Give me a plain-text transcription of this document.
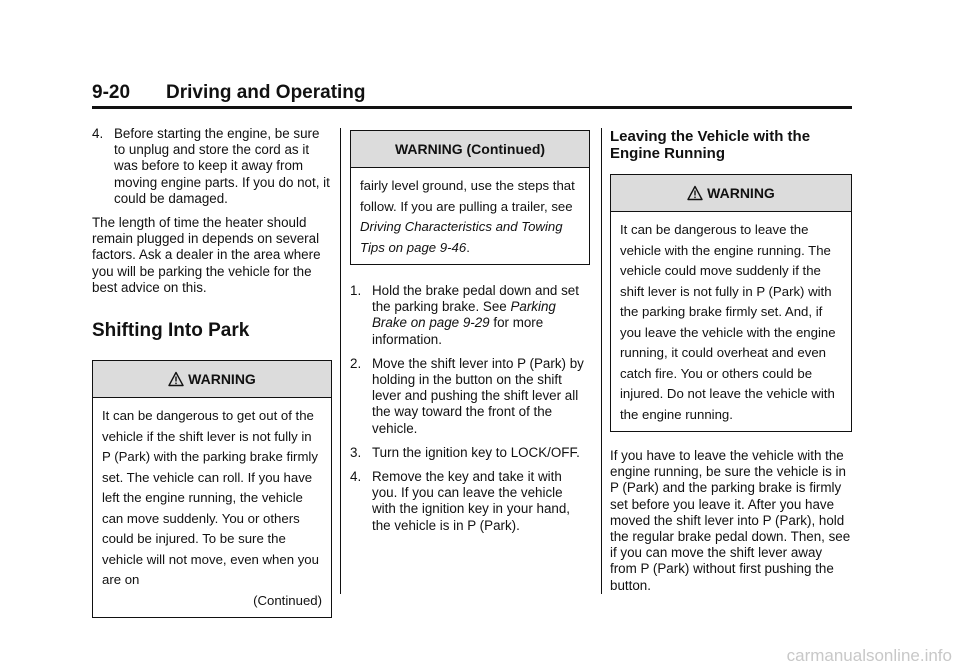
9-20 Driving and Operating
4. Before starting the engine, be sure to unplug and store the cord as it was before to keep it away from moving engine parts. If you do not, it could be damaged.

The length of time the heater should remain plugged in depends on several factors. Ask a dealer in the area where you will be parking the vehicle for the best advice on this.

Shifting Into Park
WARNING
It can be dangerous to get out of the vehicle if the shift lever is not fully in P (Park) with the parking brake firmly set. The vehicle can roll. If you have left the engine running, the vehicle can move suddenly. You or others could be injured. To be sure the vehicle will not move, even when you are on
(Continued)
WARNING (Continued)
fairly level ground, use the steps that follow. If you are pulling a trailer, see Driving Characteristics and Towing Tips on page 9-46.
1. Hold the brake pedal down and set the parking brake. See Parking Brake on page 9-29 for more information.
2. Move the shift lever into P (Park) by holding in the button on the shift lever and pushing the shift lever all the way toward the front of the vehicle.
3. Turn the ignition key to LOCK/OFF.
4. Remove the key and take it with you. If you can leave the vehicle with the ignition key in your hand, the vehicle is in P (Park).
Leaving the Vehicle with the Engine Running
WARNING
It can be dangerous to leave the vehicle with the engine running. The vehicle could move suddenly if the shift lever is not fully in P (Park) with the parking brake firmly set. And, if you leave the vehicle with the engine running, it could overheat and even catch fire. You or others could be injured. Do not leave the vehicle with the engine running.

If you have to leave the vehicle with the engine running, be sure the vehicle is in P (Park) and the parking brake is firmly set before you leave it. After you have moved the shift lever into P (Park), hold the regular brake pedal down. Then, see if you can move the shift lever away from P (Park) without first pushing the button.

carmanualsonline.info
